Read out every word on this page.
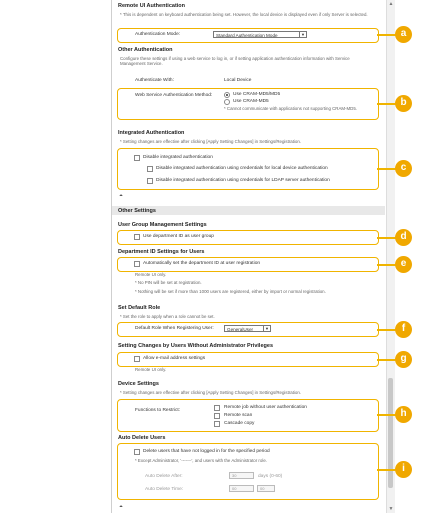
▲
▼
Remote UI Authentication
* This is dependent on keyboard authentication being set. However, the local device is displayed even if only Server is selected.
Authentication Mode:	Standard Authentication Mode	▼
Other Authentication
Configure these settings if using a web service to log in, or if setting application authentication information with Service Management Service.
Authenticate With:	Local Device
Web Service Authentication Method:	Use CRAM-MD5/MD5
Use CRAM-MD5
* Cannot communicate with applications not supporting CRAM-MD5.
Integrated Authentication
* Setting changes are effective after clicking [Apply Setting Changes] in Settings/Registration.
Disable integrated authentication
Disable integrated authentication using credentials for local device authentication
Disable integrated authentication using credentials for LDAP server authentication
⏶
Other Settings
User Group Management Settings
Use department ID as user group
Department ID Settings for Users
Automatically set the department ID at user registration
Remote UI only.
* No PIN will be set at registration.
* Nothing will be set if more than 1000 users are registered, either by import or normal registration.
Set Default Role
* Set the role to apply when a role cannot be set.
Default Role When Registering User:	GeneralUser	▼
Setting Changes by Users Without Administrator Privileges
Allow e-mail address settings
Remote UI only.
Device Settings
* Setting changes are effective after clicking [Apply Setting Changes] in Settings/Registration.
Functions to Restrict:
Remote job without user authentication
Remote scan
Cascade copy
Auto Delete Users
Delete users that have not logged in for the specified period
* Except Administrator, '-------', and users with the Administrator role.
Auto Delete After:	30	days (0-60)
Auto Delete Time:	00	00
⏶
a
b
c
d
e
f
g
h
i
